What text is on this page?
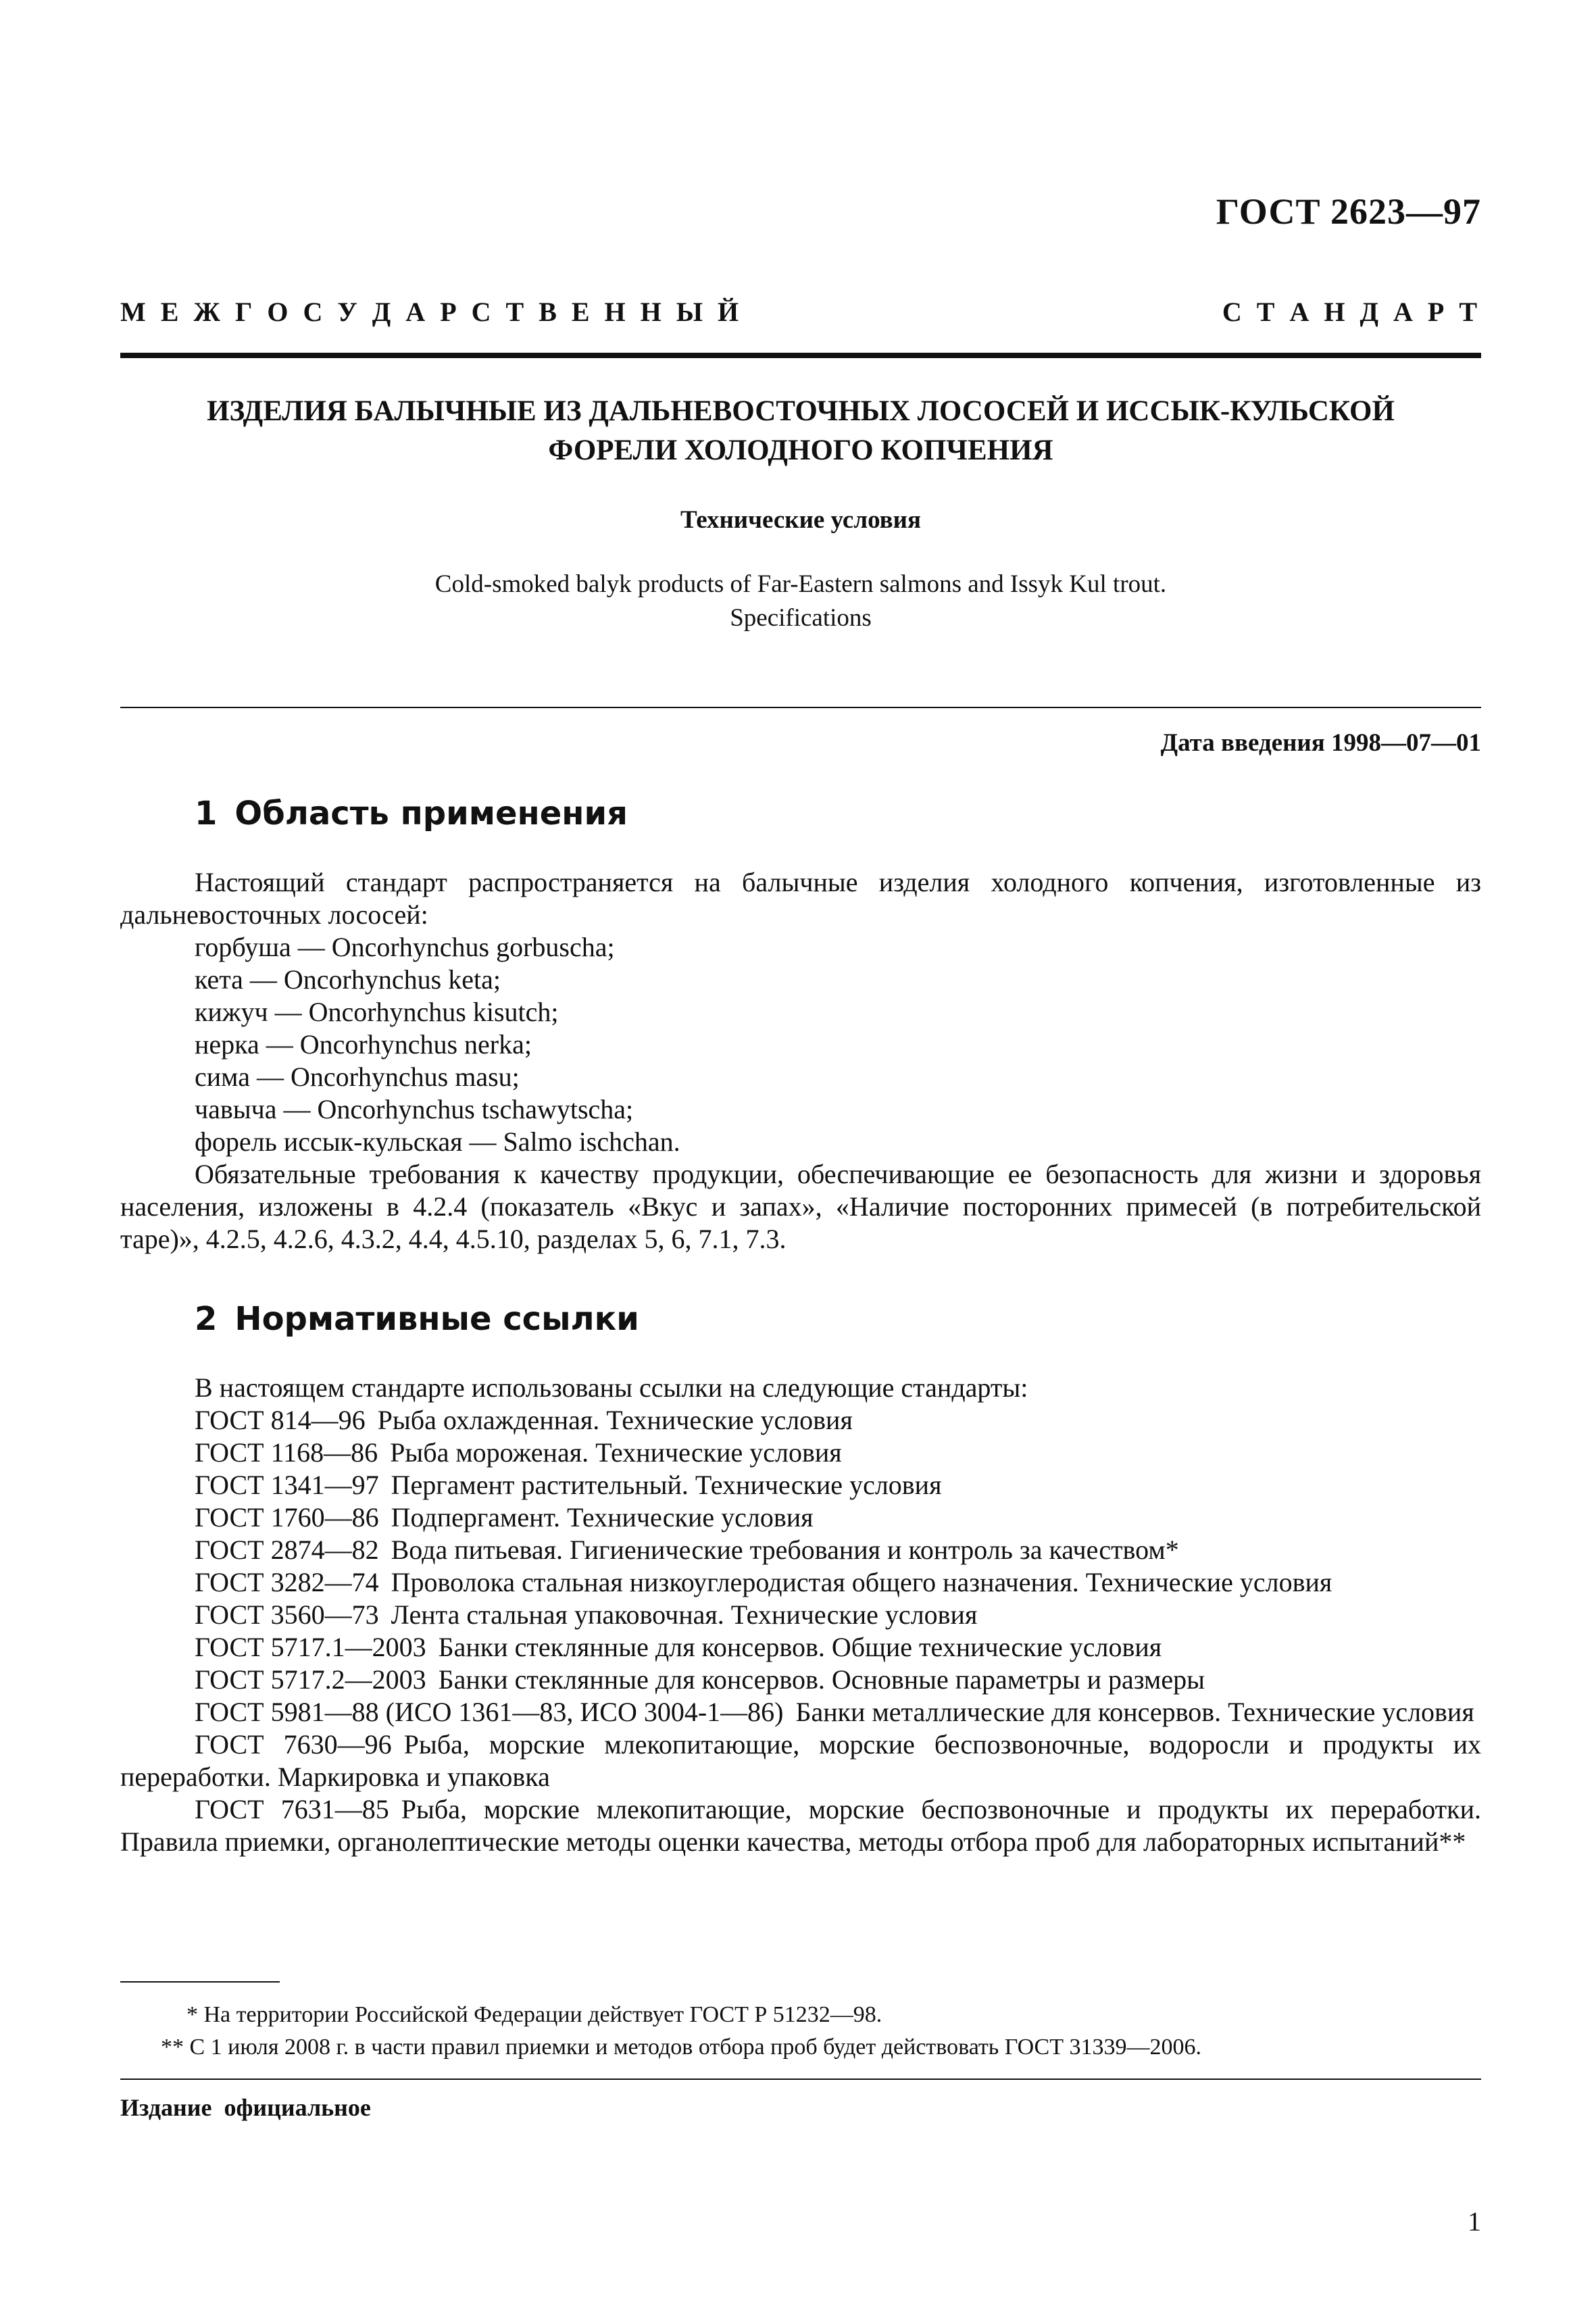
ГОСТ 2623—97
М Е Ж Г О С У Д А Р С Т В Е Н Н Ы Й	С Т А Н Д А Р Т
ИЗДЕЛИЯ БАЛЫЧНЫЕ ИЗ ДАЛЬНЕВОСТОЧНЫХ ЛОСОСЕЙ И ИССЫК-КУЛЬСКОЙ
ФОРЕЛИ ХОЛОДНОГО КОПЧЕНИЯ
Технические условия
Cold-smoked balyk products of Far-Eastern salmons and Issyk Kul trout.
Specifications
Дата введения 1998—07—01
1 Область применения

Настоящий стандарт распространяется на балычные изделия холодного копчения, изготовленные из дальневосточных лососей:

горбуша — Oncorhynchus gorbuscha;

кета — Oncorhynchus keta;

кижуч — Oncorhynchus kisutch;

нерка — Oncorhynchus nerka;

сима — Oncorhynchus masu;

чавыча — Oncorhynchus tschawytscha;

форель иссык-кульская — Salmo ischchan.

Обязательные требования к качеству продукции, обеспечивающие ее безопасность для жизни и здоровья населения, изложены в 4.2.4 (показатель «Вкус и запах», «Наличие посторонних примесей (в потребительской таре)», 4.2.5, 4.2.6, 4.3.2, 4.4, 4.5.10, разделах 5, 6, 7.1, 7.3.

2 Нормативные ссылки

В настоящем стандарте использованы ссылки на следующие стандарты:

ГОСТ 814—96 Рыба охлажденная. Технические условия

ГОСТ 1168—86 Рыба мороженая. Технические условия

ГОСТ 1341—97 Пергамент растительный. Технические условия

ГОСТ 1760—86 Подпергамент. Технические условия

ГОСТ 2874—82 Вода питьевая. Гигиенические требования и контроль за качеством*

ГОСТ 3282—74 Проволока стальная низкоуглеродистая общего назначения. Технические условия

ГОСТ 3560—73 Лента стальная упаковочная. Технические условия

ГОСТ 5717.1—2003 Банки стеклянные для консервов. Общие технические условия

ГОСТ 5717.2—2003 Банки стеклянные для консервов. Основные параметры и размеры

ГОСТ 5981—88 (ИСО 1361—83, ИСО 3004-1—86) Банки металлические для консервов. Технические условия

ГОСТ 7630—96 Рыба, морские млекопитающие, морские беспозвоночные, водоросли и продукты их переработки. Маркировка и упаковка

ГОСТ 7631—85 Рыба, морские млекопитающие, морские беспозвоночные и продукты их переработки. Правила приемки, органолептические методы оценки качества, методы отбора проб для лабораторных испытаний**

* На территории Российской Федерации действует ГОСТ Р 51232—98.

** С 1 июля 2008 г. в части правил приемки и методов отбора проб будет действовать ГОСТ 31339—2006.

Издание официальное
1
